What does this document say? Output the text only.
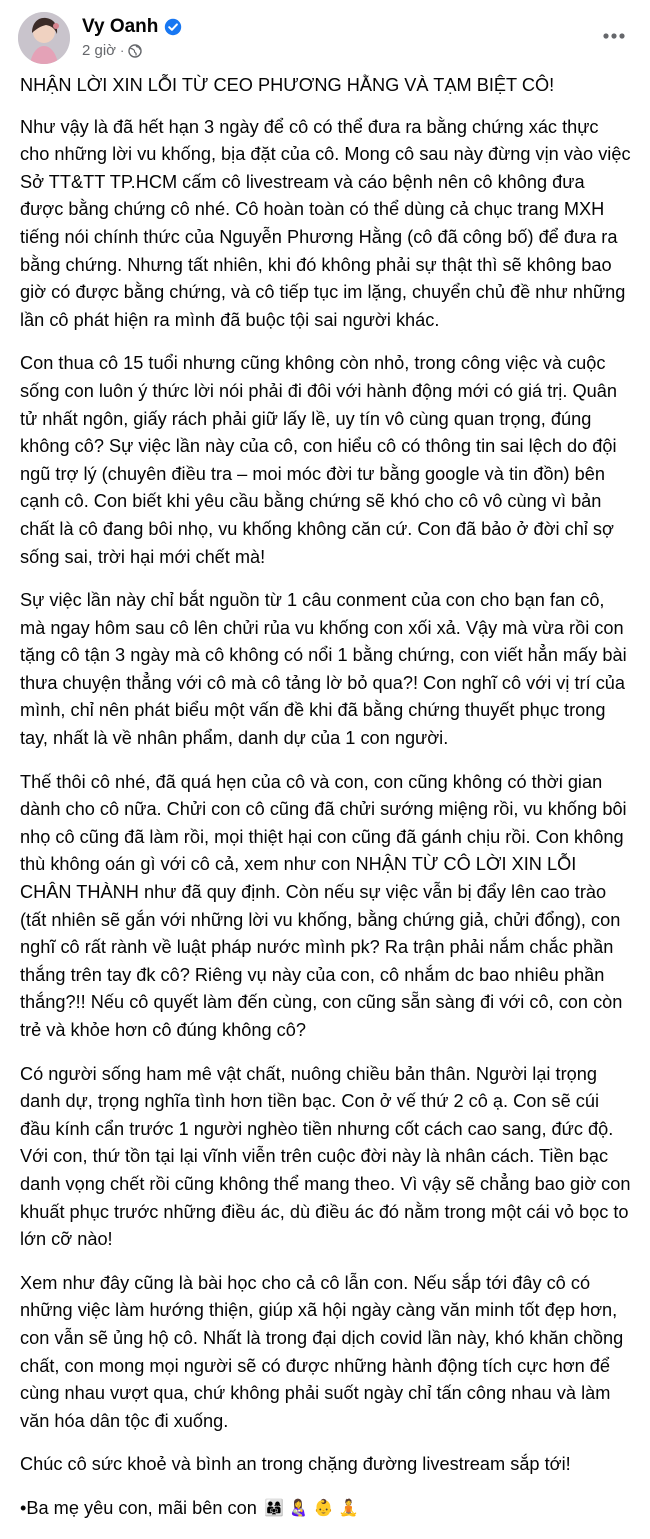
Vy Oanh
2 giờ ·

NHẬN LỜI XIN LỖI TỪ CEO PHƯƠNG HẰNG VÀ TẠM BIỆT CÔ!

Như vậy là đã hết hạn 3 ngày để cô có thể đưa ra bằng chứng xác thực cho những lời vu khống, bịa đặt của cô. Mong cô sau này đừng vịn vào việc Sở TT&TT TP.HCM cấm cô livestream và cáo bệnh nên cô không đưa được bằng chứng cô nhé. Cô hoàn toàn có thể dùng cả chục trang MXH tiếng nói chính thức của Nguyễn Phương Hằng (cô đã công bố) để đưa ra bằng chứng. Nhưng tất nhiên, khi đó không phải sự thật thì sẽ không bao giờ có được bằng chứng, và cô tiếp tục im lặng, chuyển chủ đề như những lần cô phát hiện ra mình đã buộc tội sai người khác.

Con thua cô 15 tuổi nhưng cũng không còn nhỏ, trong công việc và cuộc sống con luôn ý thức lời nói phải đi đôi với hành động mới có giá trị. Quân tử nhất ngôn, giấy rách phải giữ lấy lề, uy tín vô cùng quan trọng, đúng không cô? Sự việc lần này của cô, con hiểu cô có thông tin sai lệch do đội ngũ trợ lý (chuyên điều tra – moi móc đời tư bằng google và tin đồn) bên cạnh cô. Con biết khi yêu cầu bằng chứng sẽ khó cho cô vô cùng vì bản chất là cô đang bôi nhọ, vu khống không căn cứ. Con đã bảo ở đời chỉ sợ sống sai, trời hại mới chết mà!

Sự việc lần này chỉ bắt nguồn từ 1 câu conment của con cho bạn fan cô, mà ngay hôm sau cô lên chửi rủa vu khống con xối xả. Vậy mà vừa rồi con tặng cô tận 3 ngày mà cô không có nổi 1 bằng chứng, con viết hẳn mấy bài thưa chuyện thẳng với cô mà cô tảng lờ bỏ qua?! Con nghĩ cô với vị trí của mình, chỉ nên phát biểu một vấn đề khi đã bằng chứng thuyết phục trong tay, nhất là về nhân phẩm, danh dự của 1 con người.

Thế thôi cô nhé, đã quá hẹn của cô và con, con cũng không có thời gian dành cho cô nữa. Chửi con cô cũng đã chửi sướng miệng rồi, vu khống bôi nhọ cô cũng đã làm rồi, mọi thiệt hại con cũng đã gánh chịu rồi. Con không thù không oán gì với cô cả, xem như con NHẬN TỪ CÔ LỜI XIN LỖI CHÂN THÀNH như đã quy định. Còn nếu sự việc vẫn bị đẩy lên cao trào (tất nhiên sẽ gắn với những lời vu khống, bằng chứng giả, chửi đổng), con nghĩ cô rất rành về luật pháp nước mình pk? Ra trận phải nắm chắc phần thắng trên tay đk cô? Riêng vụ này của con, cô nhắm dc bao nhiêu phần thắng?!! Nếu cô quyết làm đến cùng, con cũng sẵn sàng đi với cô, con còn trẻ và khỏe hơn cô đúng không cô?

Có người sống ham mê vật chất, nuông chiều bản thân. Người lại trọng danh dự, trọng nghĩa tình hơn tiền bạc. Con ở vế thứ 2 cô ạ. Con sẽ cúi đầu kính cẩn trước 1 người nghèo tiền nhưng cốt cách cao sang, đức độ. Với con, thứ tồn tại lại vĩnh viễn trên cuộc đời này là nhân cách. Tiền bạc danh vọng chết rồi cũng không thể mang theo. Vì vậy sẽ chẳng bao giờ con khuất phục trước những điều ác, dù điều ác đó nằm trong một cái vỏ bọc to lớn cỡ nào!

Xem như đây cũng là bài học cho cả cô lẫn con. Nếu sắp tới đây cô có những việc làm hướng thiện, giúp xã hội ngày càng văn minh tốt đẹp hơn, con vẫn sẽ ủng hộ cô. Nhất là trong đại dịch covid lần này, khó khăn chồng chất, con mong mọi người sẽ có được những hành động tích cực hơn để cùng nhau vượt qua, chứ không phải suốt ngày chỉ tấn công nhau và làm văn hóa dân tộc đi xuống.

Chúc cô sức khoẻ và bình an trong chặng đường livestream sắp tới!

•Ba mẹ yêu con, mãi bên con 👨‍👩‍👧 👩‍🍼 👶 🧘
